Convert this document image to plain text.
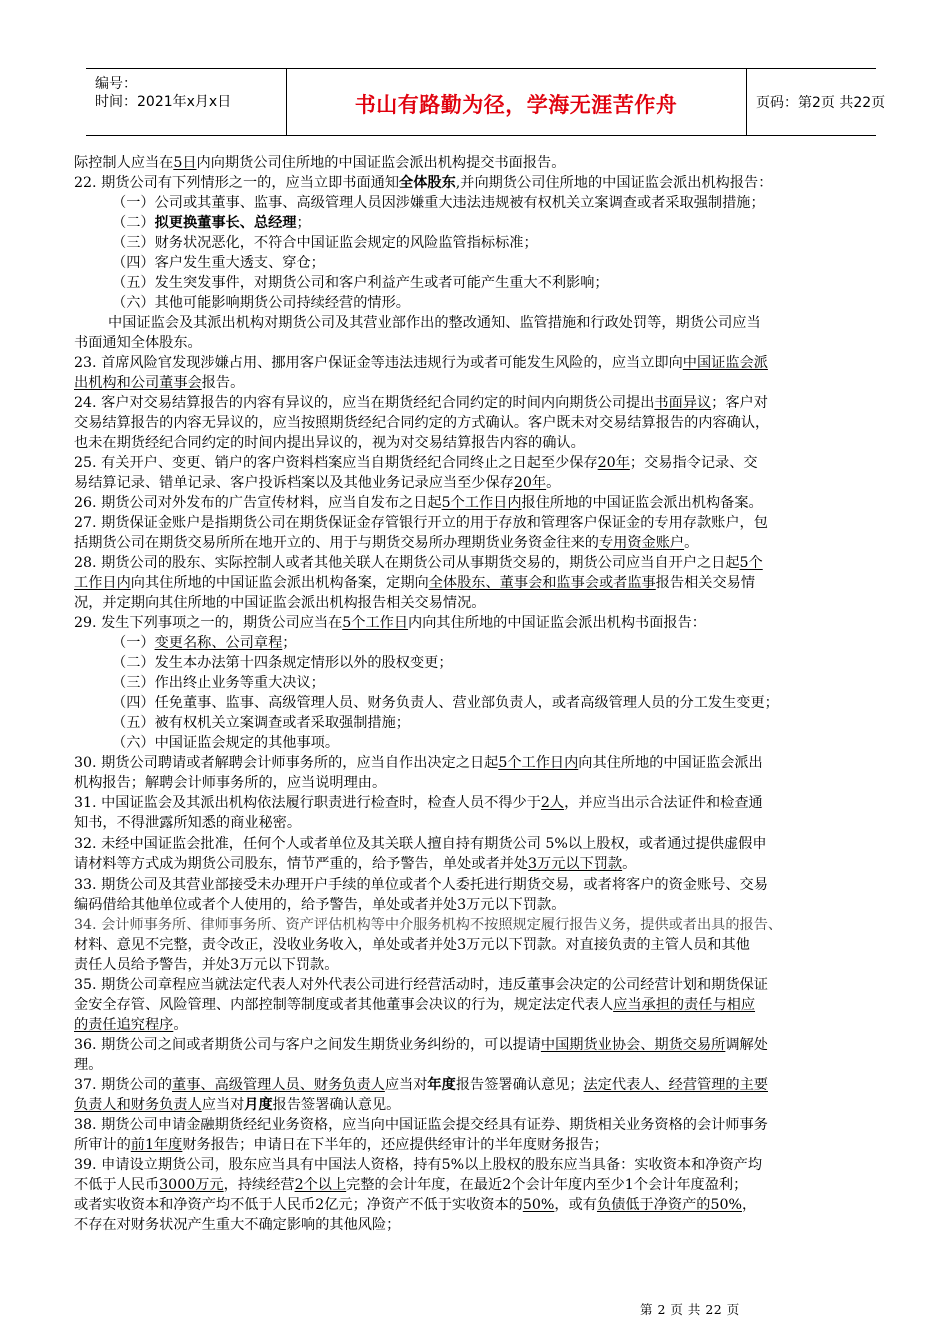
编号：
时间：2021年x月x日	书山有路勤为径，学海无涯苦作舟	页码：第2页 共22页
际控制人应当在5日内向期货公司住所地的中国证监会派出机构提交书面报告。
22. 期货公司有下列情形之一的，应当立即书面通知全体股东,并向期货公司住所地的中国证监会派出机构报告：
（一）公司或其董事、监事、高级管理人员因涉嫌重大违法违规被有权机关立案调查或者采取强制措施；
（二）拟更换董事长、总经理；
（三）财务状况恶化，不符合中国证监会规定的风险监管指标标准；
（四）客户发生重大透支、穿仓；
（五）发生突发事件，对期货公司和客户利益产生或者可能产生重大不利影响；
（六）其他可能影响期货公司持续经营的情形。
中国证监会及其派出机构对期货公司及其营业部作出的整改通知、监管措施和行政处罚等，期货公司应当
书面通知全体股东。
23. 首席风险官发现涉嫌占用、挪用客户保证金等违法违规行为或者可能发生风险的，应当立即向中国证监会派
出机构和公司董事会报告。
24. 客户对交易结算报告的内容有异议的，应当在期货经纪合同约定的时间内向期货公司提出书面异议；客户对
交易结算报告的内容无异议的，应当按照期货经纪合同约定的方式确认。客户既未对交易结算报告的内容确认，
也未在期货经纪合同约定的时间内提出异议的，视为对交易结算报告内容的确认。
25. 有关开户、变更、销户的客户资料档案应当自期货经纪合同终止之日起至少保存20年；交易指令记录、交
易结算记录、错单记录、客户投诉档案以及其他业务记录应当至少保存20年。
26. 期货公司对外发布的广告宣传材料，应当自发布之日起5个工作日内报住所地的中国证监会派出机构备案。
27. 期货保证金账户是指期货公司在期货保证金存管银行开立的用于存放和管理客户保证金的专用存款账户，包
括期货公司在期货交易所所在地开立的、用于与期货交易所办理期货业务资金往来的专用资金账户。
28. 期货公司的股东、实际控制人或者其他关联人在期货公司从事期货交易的，期货公司应当自开户之日起5个
工作日内向其住所地的中国证监会派出机构备案，定期向全体股东、董事会和监事会或者监事报告相关交易情
况，并定期向其住所地的中国证监会派出机构报告相关交易情况。
29. 发生下列事项之一的，期货公司应当在5个工作日内向其住所地的中国证监会派出机构书面报告：
（一）变更名称、公司章程；
（二）发生本办法第十四条规定情形以外的股权变更；
（三）作出终止业务等重大决议；
（四）任免董事、监事、高级管理人员、财务负责人、营业部负责人，或者高级管理人员的分工发生变更；
（五）被有权机关立案调查或者采取强制措施；
（六）中国证监会规定的其他事项。
30. 期货公司聘请或者解聘会计师事务所的，应当自作出决定之日起5个工作日内向其住所地的中国证监会派出
机构报告；解聘会计师事务所的，应当说明理由。
31. 中国证监会及其派出机构依法履行职责进行检查时，检查人员不得少于2人，并应当出示合法证件和检查通
知书，不得泄露所知悉的商业秘密。
32. 未经中国证监会批准，任何个人或者单位及其关联人擅自持有期货公司 5%以上股权，或者通过提供虚假申
请材料等方式成为期货公司股东，情节严重的，给予警告，单处或者并处3万元以下罚款。
33. 期货公司及其营业部接受未办理开户手续的单位或者个人委托进行期货交易，或者将客户的资金账号、交易
编码借给其他单位或者个人使用的，给予警告，单处或者并处3万元以下罚款。
34. 会计师事务所、律师事务所、资产评估机构等中介服务机构不按照规定履行报告义务，提供或者出具的报告、
材料、意见不完整，责令改正，没收业务收入，单处或者并处3万元以下罚款。对直接负责的主管人员和其他
责任人员给予警告，并处3万元以下罚款。
35. 期货公司章程应当就法定代表人对外代表公司进行经营活动时，违反董事会决定的公司经营计划和期货保证
金安全存管、风险管理、内部控制等制度或者其他董事会决议的行为，规定法定代表人应当承担的责任与相应
的责任追究程序。
36. 期货公司之间或者期货公司与客户之间发生期货业务纠纷的，可以提请中国期货业协会、期货交易所调解处
理。
37. 期货公司的董事、高级管理人员、财务负责人应当对年度报告签署确认意见；法定代表人、经营管理的主要
负责人和财务负责人应当对月度报告签署确认意见。
38. 期货公司申请金融期货经纪业务资格，应当向中国证监会提交经具有证券、期货相关业务资格的会计师事务
所审计的前1年度财务报告；申请日在下半年的，还应提供经审计的半年度财务报告；
39. 申请设立期货公司，股东应当具有中国法人资格，持有5%以上股权的股东应当具备：实收资本和净资产均
不低于人民币3000万元，持续经营2个以上完整的会计年度，在最近2个会计年度内至少1个会计年度盈利；
或者实收资本和净资产均不低于人民币2亿元；净资产不低于实收资本的50%，或有负债低于净资产的50%，
不存在对财务状况产生重大不确定影响的其他风险；
第 2 页 共 22 页
